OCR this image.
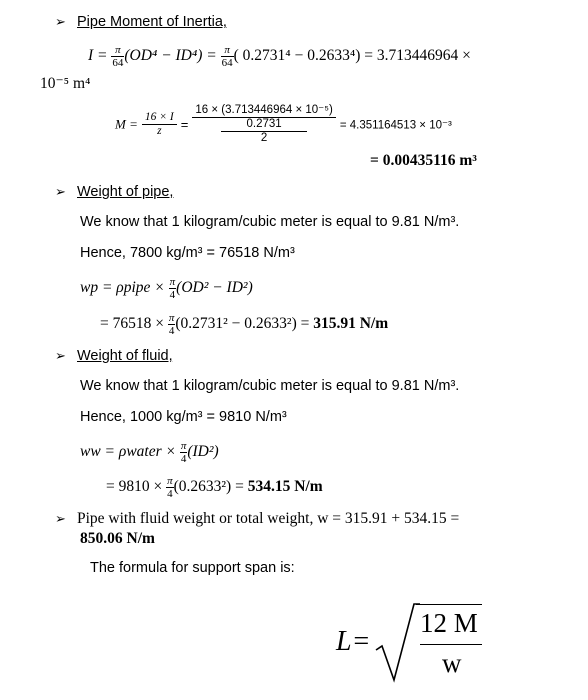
➢ Pipe Moment of Inertia,
$I = \frac{\pi}{64} (OD^4 - ID^4) = \frac{\pi}{64}$ ( 0.2731⁴ − 0.2633⁴) = 3.713446964 ×
10⁻⁵ m⁴
$M = \frac{16 \times I}{z} = 16 \times (3.713446964 \times 10^{-5})$
0.2731
2 = 4.351164513 × 10⁻³
= 0.00435116 m³
➢ Weight of pipe,
We know that 1 kilogram/cubic meter is equal to 9.81 N/m³.
Hence, 7800 kg/m³ = 76518 N/m³
wp = ρpipe × $\frac{\pi}{4} (OD^2 - ID^2)$
= $76518 \times \frac{\pi}{4} (0.2731^2 - 0.2633^2) = 315.91$ N/m
➢ Weight of fluid,
We know that 1 kilogram/cubic meter is equal to 9.81 N/m³.
Hence, 1000 kg/m³ = 9810 N/m³
ww = ρwater × $\frac{\pi}{4} (ID^2)$
= $9810 \times \frac{\pi}{4} (0.2633^2) = 534.15$ N/m
➢ Pipe with fluid weight or total weight, w = 315.91 + 534.15 =
850.06 N/m
The formula for support span is:
L=
12 M
w
